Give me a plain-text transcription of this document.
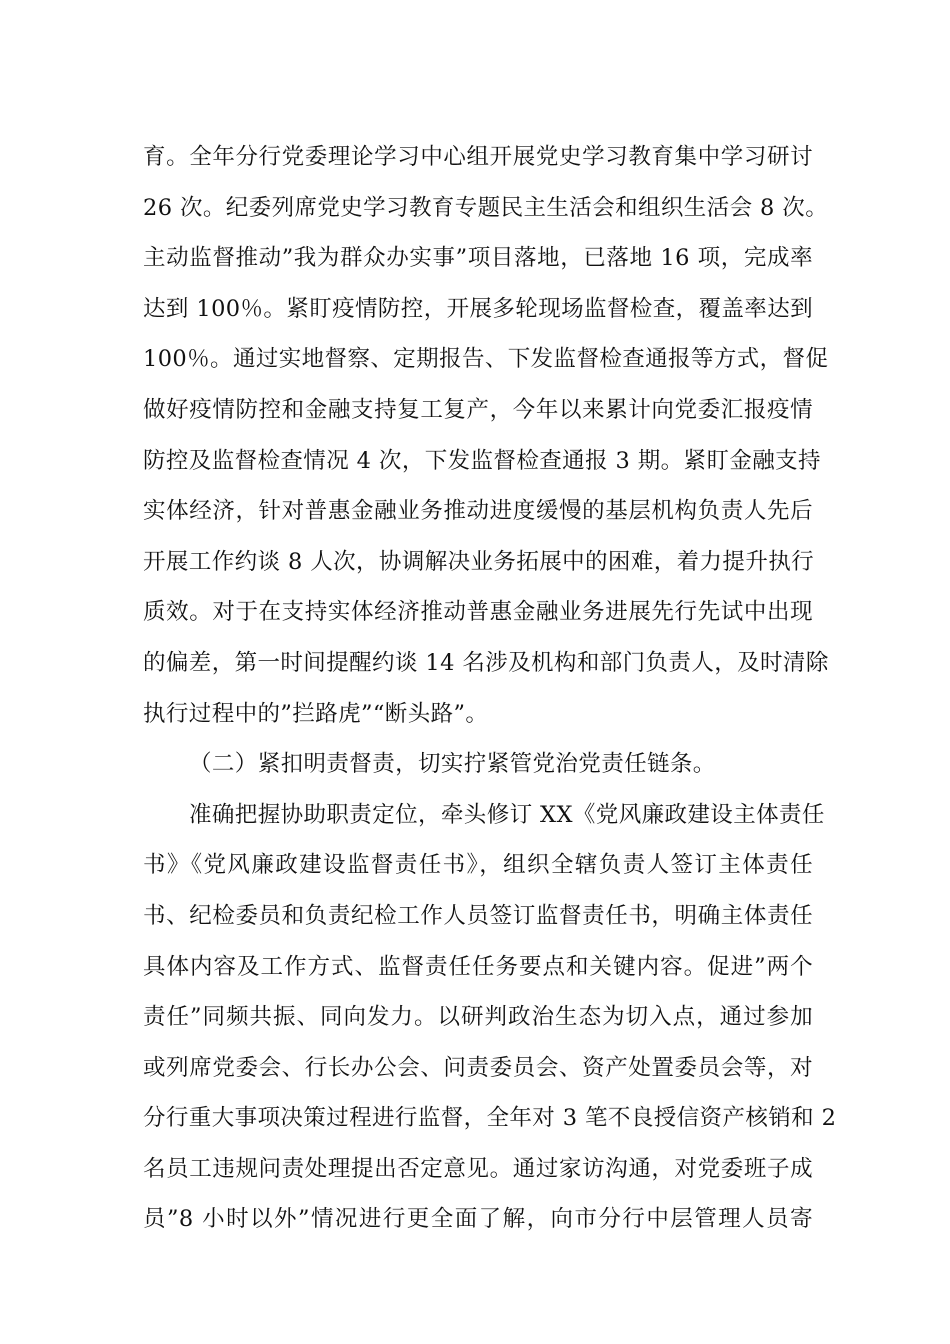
育。全年分行党委理论学习中心组开展党史学习教育集中学习研讨
26 次。纪委列席党史学习教育专题民主生活会和组织生活会 8 次。
主动监督推动”我为群众办实事”项目落地，已落地 16 项，完成率
达到 100％。紧盯疫情防控，开展多轮现场监督检查，覆盖率达到
100％。通过实地督察、定期报告、下发监督检查通报等方式，督促
做好疫情防控和金融支持复工复产，今年以来累计向党委汇报疫情
防控及监督检查情况 4 次，下发监督检查通报 3 期。紧盯金融支持
实体经济，针对普惠金融业务推动进度缓慢的基层机构负责人先后
开展工作约谈 8 人次，协调解决业务拓展中的困难，着力提升执行
质效。对于在支持实体经济推动普惠金融业务进展先行先试中出现
的偏差，第一时间提醒约谈 14 名涉及机构和部门负责人，及时清除
执行过程中的”拦路虎”“断头路”。
（二）紧扣明责督责，切实拧紧管党治党责任链条。
准确把握协助职责定位，牵头修订 XX《党风廉政建设主体责任
书》《党风廉政建设监督责任书》，组织全辖负责人签订主体责任
书、纪检委员和负责纪检工作人员签订监督责任书，明确主体责任
具体内容及工作方式、监督责任任务要点和关键内容。促进”两个
责任”同频共振、同向发力。以研判政治生态为切入点，通过参加
或列席党委会、行长办公会、问责委员会、资产处置委员会等，对
分行重大事项决策过程进行监督，全年对 3 笔不良授信资产核销和 2
名员工违规问责处理提出否定意见。通过家访沟通，对党委班子成
员”8 小时以外”情况进行更全面了解，向市分行中层管理人员寄
